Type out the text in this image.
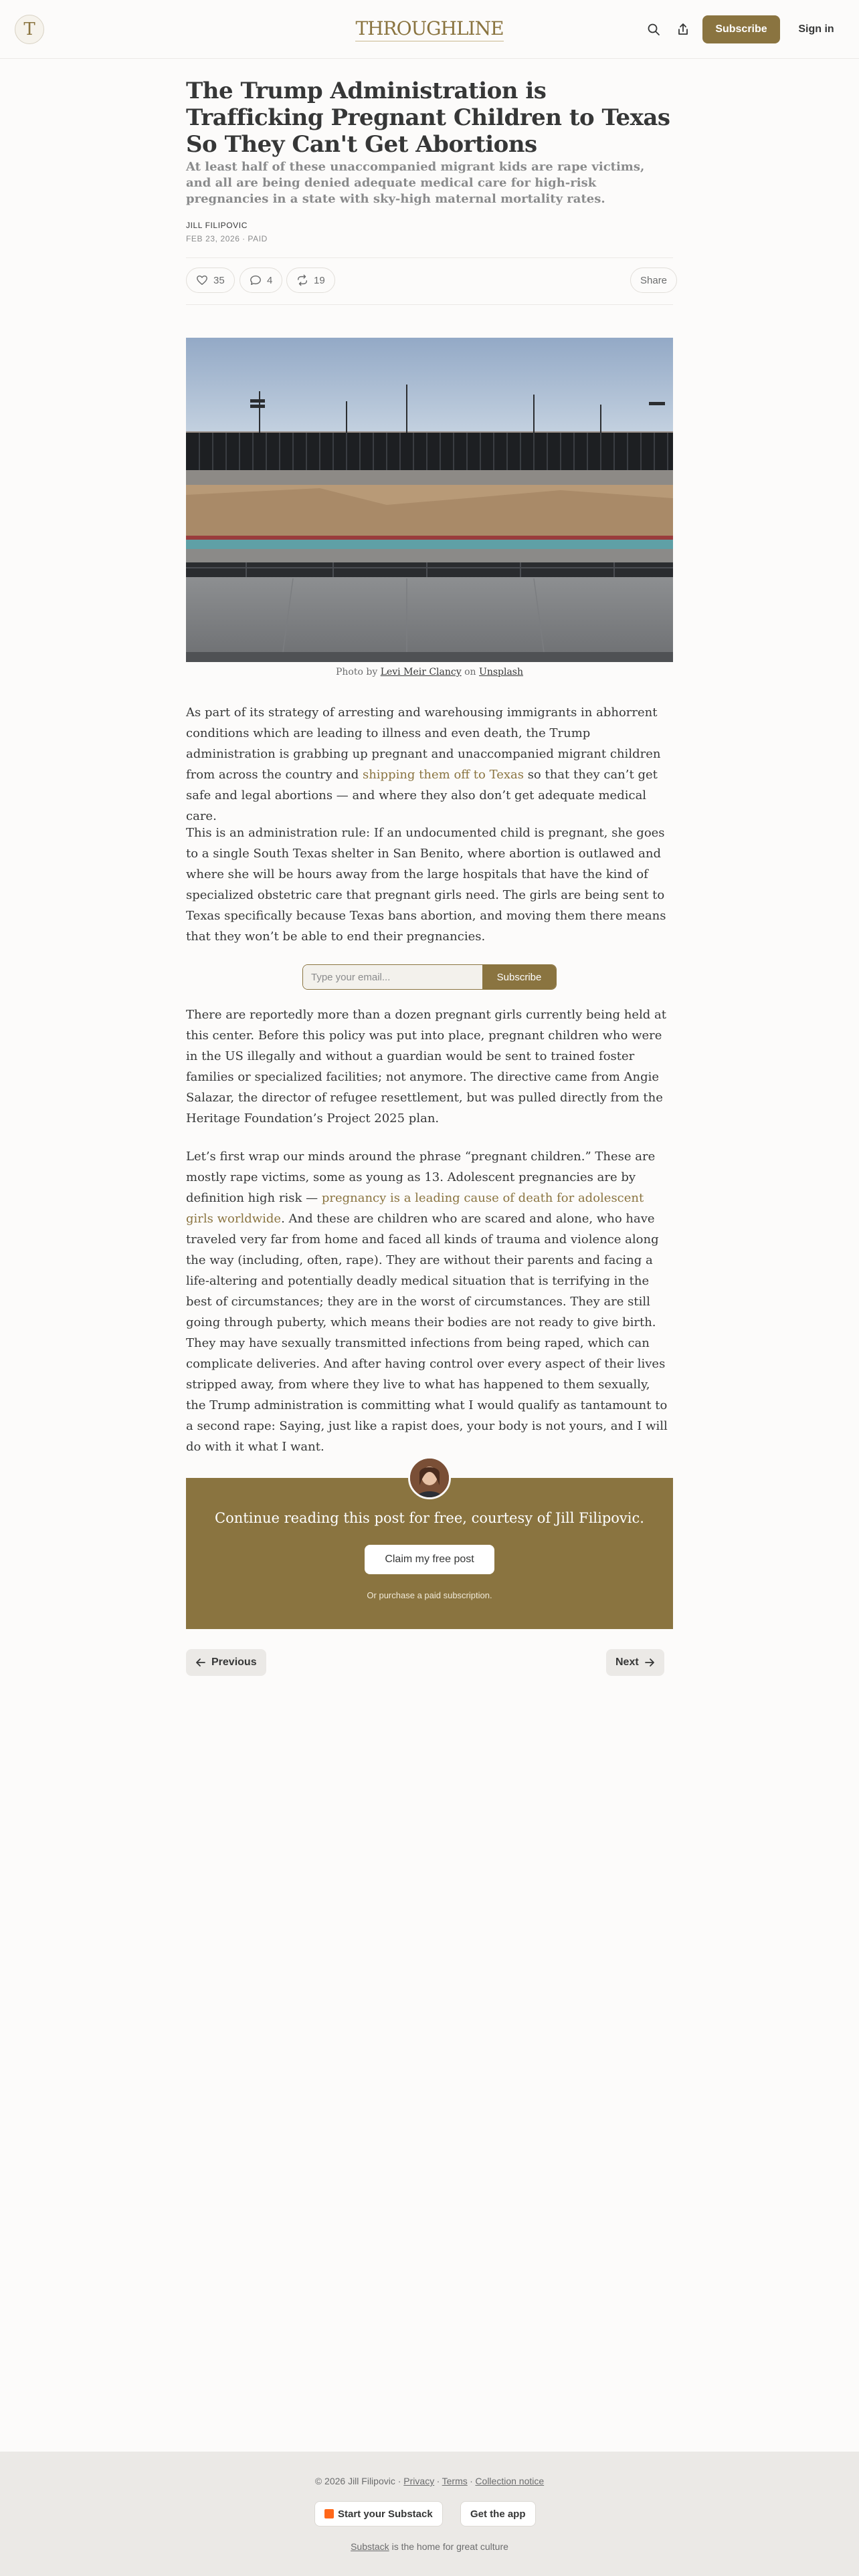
T	THROUGHLINE	Subscribe	Sign in
The Trump Administration is Trafficking Pregnant Children to Texas So They Can't Get Abortions
At least half of these unaccompanied migrant kids are rape victims, and all are being denied adequate medical care for high-risk pregnancies in a state with sky-high maternal mortality rates.
JILL FILIPOVIC
FEB 23, 2026 ∙ PAID
35	4	19	Share
Photo by Levi Meir Clancy on Unsplash

As part of its strategy of arresting and warehousing immigrants in abhorrent conditions which are leading to illness and even death, the Trump administration is grabbing up pregnant and unaccompanied migrant children from across the country and shipping them off to Texas so that they can’t get safe and legal abortions — and where they also don’t get adequate medical care.

This is an administration rule: If an undocumented child is pregnant, she goes to a single South Texas shelter in San Benito, where abortion is outlawed and where she will be hours away from the large hospitals that have the kind of specialized obstetric care that pregnant girls need. The girls are being sent to Texas specifically because Texas bans abortion, and moving them there means that they won’t be able to end their pregnancies.

Type your email...
Subscribe

There are reportedly more than a dozen pregnant girls currently being held at this center. Before this policy was put into place, pregnant children who were in the US illegally and without a guardian would be sent to trained foster families or specialized facilities; not anymore. The directive came from Angie Salazar, the director of refugee resettlement, but was pulled directly from the Heritage Foundation’s Project 2025 plan.

Let’s first wrap our minds around the phrase “pregnant children.” These are mostly rape victims, some as young as 13. Adolescent pregnancies are by definition high risk — pregnancy is a leading cause of death for adolescent girls worldwide. And these are children who are scared and alone, who have traveled very far from home and faced all kinds of trauma and violence along the way (including, often, rape). They are without their parents and facing a life-altering and potentially deadly medical situation that is terrifying in the best of circumstances; they are in the worst of circumstances. They are still going through puberty, which means their bodies are not ready to give birth. They may have sexually transmitted infections from being raped, which can complicate deliveries. And after having control over every aspect of their lives stripped away, from where they live to what has happened to them sexually, the Trump administration is committing what I would qualify as tantamount to a second rape: Saying, just like a rapist does, your body is not yours, and I will do with it what I want.

Continue reading this post for free, courtesy of Jill Filipovic.
Claim my free post
Or purchase a paid subscription.
Previous	Next
© 2026 Jill Filipovic · Privacy ∙ Terms ∙ Collection notice
Start your Substack	Get the app
Substack is the home for great culture
